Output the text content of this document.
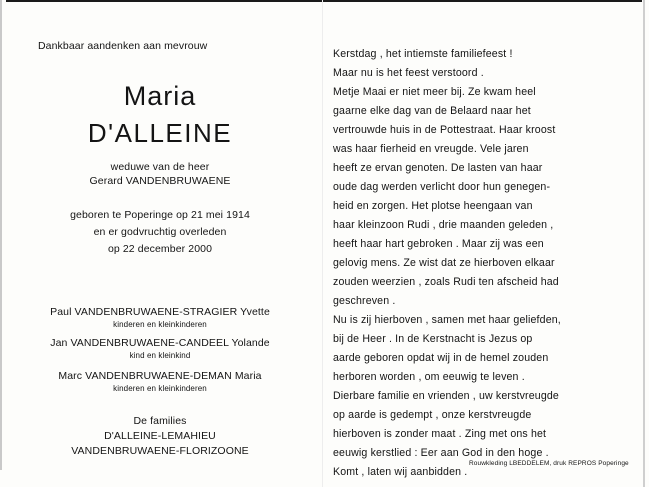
Dankbaar aandenken aan mevrouw
Maria
D'ALLEINE
weduwe van de heer
Gerard VANDENBRUWAENE
geboren te Poperinge op 21 mei 1914
en er godvruchtig overleden
op 22 december 2000
Paul VANDENBRUWAENE-STRAGIER Yvette
kinderen en kleinkinderen
Jan VANDENBRUWAENE-CANDEEL Yolande
kind en kleinkind
Marc VANDENBRUWAENE-DEMAN Maria
kinderen en kleinkinderen
De families
D'ALLEINE-LEMAHIEU
VANDENBRUWAENE-FLORIZOONE
Kerstdag , het intiemste familiefeest !
Maar nu is het feest verstoord .
Metje Maai er niet meer bij. Ze kwam heel
gaarne elke dag van de Belaard naar het
vertrouwde huis in de Pottestraat. Haar kroost
was haar fierheid en vreugde. Vele jaren
heeft ze ervan genoten. De lasten van haar
oude dag werden verlicht door hun genegen-
heid en zorgen. Het plotse heengaan van
haar kleinzoon Rudi , drie maanden geleden ,
heeft haar hart gebroken . Maar zij was een
gelovig mens. Ze wist dat ze hierboven elkaar
zouden weerzien , zoals Rudi ten afscheid had
geschreven .
Nu is zij hierboven , samen met haar geliefden,
bij de Heer . In de Kerstnacht is Jezus op
aarde geboren opdat wij in de hemel zouden
herboren worden , om eeuwig te leven .
Dierbare familie en vrienden , uw kerstvreugde
op aarde is gedempt , onze kerstvreugde
hierboven is zonder maat . Zing met ons het
eeuwig kerstlied : Eer aan God in den hoge .
Komt , laten wij aanbidden .
Rouwkleding LBEDDELEM, druk REPROS Poperinge
